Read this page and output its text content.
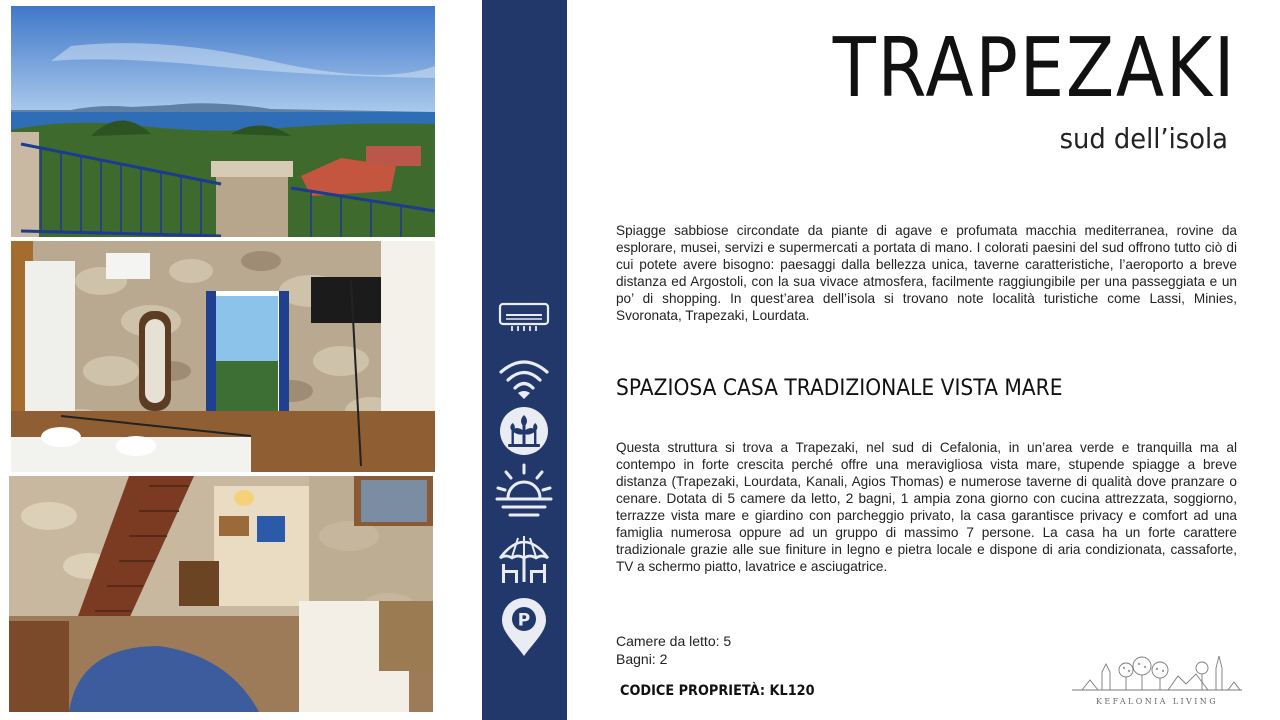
P
TRAPEZAKI
sud dell’isola

Spiagge sabbiose circondate da piante di agave e profumata macchia mediterranea, rovine da esplorare, musei, servizi e supermercati a portata di mano. I colorati paesini del sud offrono tutto ciò di cui potete avere bisogno: paesaggi dalla bellezza unica, taverne caratteristiche, l’aeroporto a breve distanza ed Argostoli, con la sua vivace atmosfera, facilmente raggiungibile per una passeggiata e un po’ di shopping. In quest’area dell’isola si trovano note località turistiche come Lassi, Minies, Svoronata, Trapezaki, Lourdata.

SPAZIOSA CASA TRADIZIONALE VISTA MARE

Questa struttura si trova a Trapezaki, nel sud di Cefalonia, in un’area verde e tranquilla ma al contempo in forte crescita perché offre una meravigliosa vista mare, stupende spiagge a breve distanza (Trapezaki, Lourdata, Kanali, Agios Thomas) e numerose taverne di qualità dove pranzare o cenare. Dotata di 5 camere da letto, 2 bagni, 1 ampia zona giorno con cucina attrezzata, soggiorno, terrazze vista mare e giardino con parcheggio privato, la casa garantisce privacy e comfort ad una famiglia numerosa oppure ad un gruppo di massimo 7 persone. La casa ha un forte carattere tradizionale grazie alle sue finiture in legno e pietra locale e dispone di aria condizionata, cassaforte, TV a schermo piatto, lavatrice e asciugatrice.

Camere da letto: 5
Bagni: 2
CODICE PROPRIETÀ: KL120
KEFALONIA LIVING
